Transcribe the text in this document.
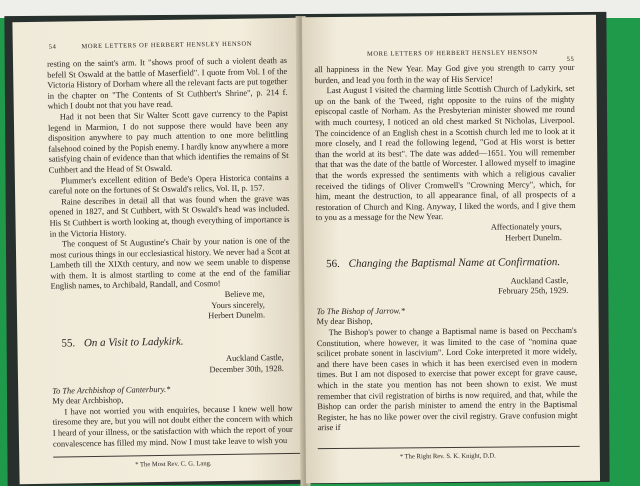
54	MORE LETTERS OF HERBERT HENSLEY HENSON

resting on the saint's arm. It "shows proof of such a violent death as befell St Oswald at the battle of Maserfield". I quote from Vol. I of the Victoria History of Dorham where all the relevant facts are put together in the chapter on "The Contents of St Cuthbert's Shrine", p. 214 f. which I doubt not that you have read.

Had it not been that Sir Walter Scott gave currency to the Papist legend in Marmion, I do not suppose there would have been any disposition anywhere to pay much attention to one more belittling falsehood coined by the Popish enemy. I hardly know anywhere a more satisfying chain of evidence than that which identifies the remains of St Cuthbert and the Head of St Oswald.

Plummer's excellent edition of Bede's Opera Historica contains a careful note on the fortunes of St Oswald's relics, Vol. II, p. 157.

Raine describes in detail all that was found when the grave was opened in 1827, and St Cuthbert, with St Oswald's head was included. His St Cuthbert is worth looking at, though everything of importance is in the Victoria History.

The conquest of St Augustine's Chair by your nation is one of the most curious things in our ecclesiastical history. We never had a Scot at Lambeth till the XIXth century, and now we seem unable to dispense with them. It is almost startling to come at the end of the familiar English names, to Archibald, Randall, and Cosmo!

Believe me,

Yours sincerely,

Herbert Dunelm.

55. On a Visit to Ladykirk.

Auckland Castle,

December 30th, 1928.

To The Archbishop of Canterbury.*

My dear Archbishop,

I have not worried you with enquiries, because I knew well how tiresome they are, but you will not doubt either the concern with which I heard of your illness, or the satisfaction with which the report of your convalescence has filled my mind. Now I must take leave to wish you

* The Most Rev. C. G. Lang.
MORE LETTERS OF HERBERT HENSLEY HENSON
55

all happiness in the New Year. May God give you strength to carry your burden, and lead you forth in the way of His Service!

Last August I visited the charming little Scottish Church of Ladykirk, set up on the bank of the Tweed, right opposite to the ruins of the mighty episcopal castle of Norham. As the Presbyterian minister showed me round with much courtesy, I noticed an old chest marked St Nicholas, Liverpool. The coincidence of an English chest in a Scottish church led me to look at it more closely, and I read the following legend, "God at His worst is better than the world at its best". The date was added—1651. You will remember that that was the date of the battle of Worcester. I allowed myself to imagine that the words expressed the sentiments with which a religious cavalier received the tidings of Oliver Cromwell's "Crowning Mercy", which, for him, meant the destruction, to all appearance final, of all prospects of a restoration of Church and King. Anyway, I liked the words, and I give them to you as a message for the New Year.

Affectionately yours,

Herbert Dunelm.

56. Changing the Baptismal Name at Confirmation.

Auckland Castle,

February 25th, 1929.

To The Bishop of Jarrow.*

My dear Bishop,

The Bishop's power to change a Baptismal name is based on Peccham's Constitution, where however, it was limited to the case of "nomina quae scilicet probate sonent in lascivium". Lord Coke interpreted it more widely, and there have been cases in which it has been exercised even in modern times. But I am not disposed to exercise that power except for grave cause, which in the state you mention has not been shown to exist. We must remember that civil registration of births is now required, and that, while the Bishop can order the parish minister to amend the entry in the Baptismal Register, he has no like power over the civil registry. Grave confusion might arise if

* The Right Rev. S. K. Knight, D.D.
